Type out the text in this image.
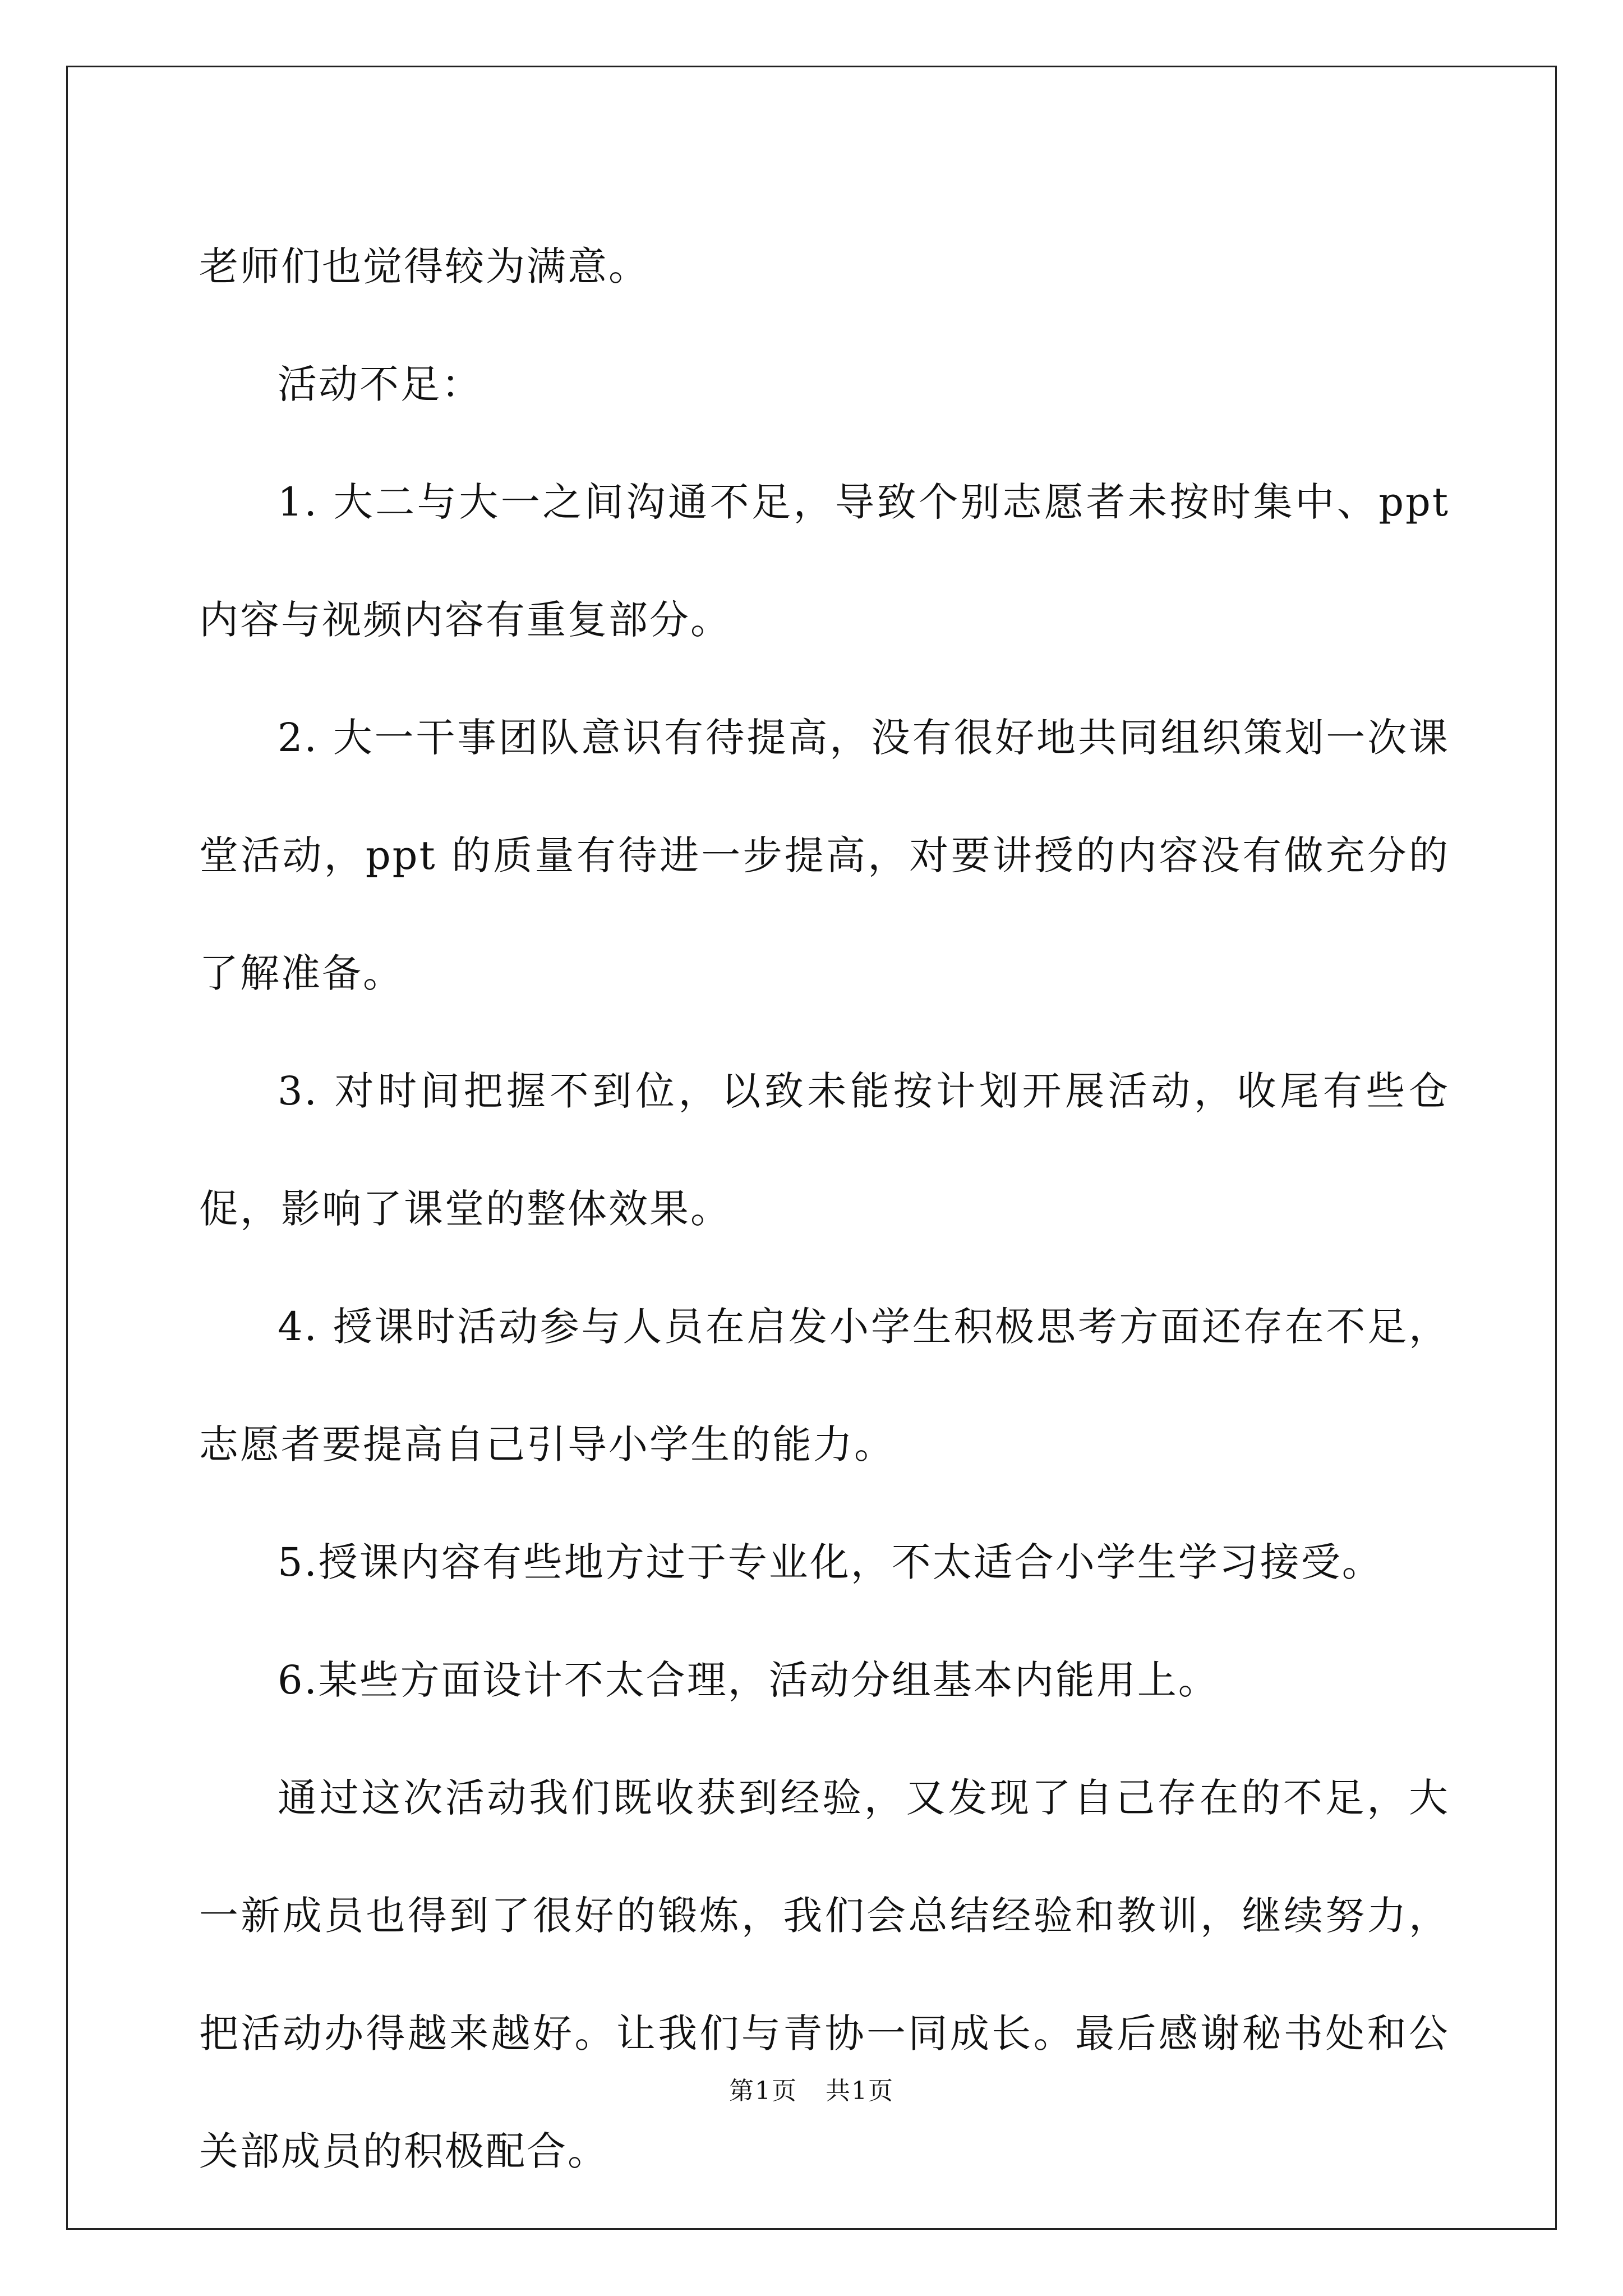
老师们也觉得较为满意。

活动不足：

1. 大二与大一之间沟通不足，导致个别志愿者未按时集中、ppt 内容与视频内容有重复部分。

2. 大一干事团队意识有待提高，没有很好地共同组织策划一次课堂活动，ppt 的质量有待进一步提高，对要讲授的内容没有做充分的了解准备。

3. 对时间把握不到位，以致未能按计划开展活动，收尾有些仓促，影响了课堂的整体效果。

4. 授课时活动参与人员在启发小学生积极思考方面还存在不足，志愿者要提高自己引导小学生的能力。

5.授课内容有些地方过于专业化，不太适合小学生学习接受。

6.某些方面设计不太合理，活动分组基本内能用上。

通过这次活动我们既收获到经验，又发现了自己存在的不足，大一新成员也得到了很好的锻炼，我们会总结经验和教训，继续努力，把活动办得越来越好。让我们与青协一同成长。最后感谢秘书处和公关部成员的积极配合。

第1页 共1页
